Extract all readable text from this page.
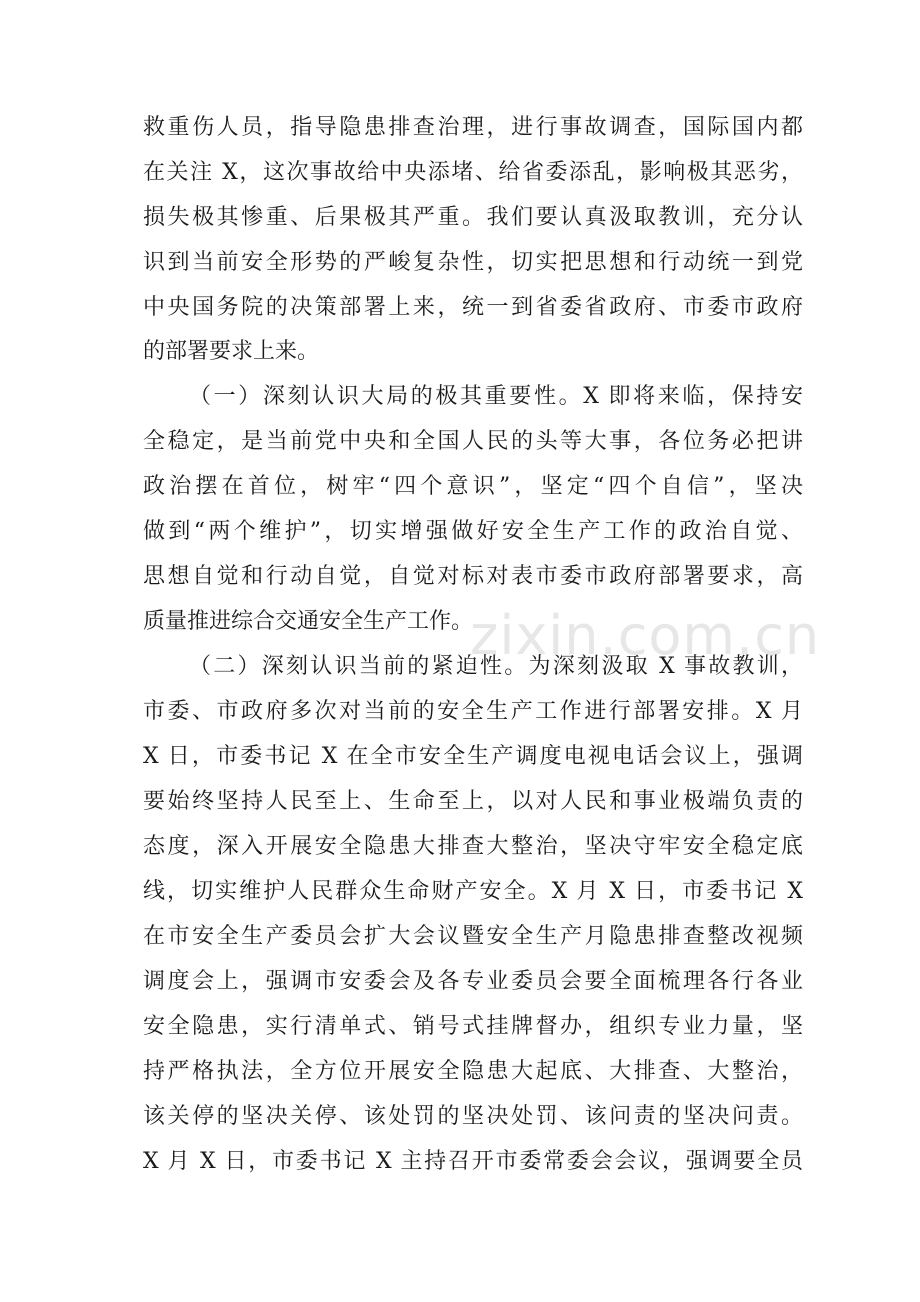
救重伤人员，指导隐患排查治理，进行事故调查，国际国内都
在关注 X，这次事故给中央添堵、给省委添乱，影响极其恶劣，
损失极其惨重、后果极其严重。我们要认真汲取教训，充分认
识到当前安全形势的严峻复杂性，切实把思想和行动统一到党
中央国务院的决策部署上来，统一到省委省政府、市委市政府
的部署要求上来。
（一）深刻认识大局的极其重要性。X 即将来临，保持安
全稳定，是当前党中央和全国人民的头等大事，各位务必把讲
政治摆在首位，树牢“四个意识”，坚定“四个自信”，坚决
做到“两个维护”，切实增强做好安全生产工作的政治自觉、
思想自觉和行动自觉，自觉对标对表市委市政府部署要求，高
质量推进综合交通安全生产工作。
（二）深刻认识当前的紧迫性。为深刻汲取 X 事故教训，
市委、市政府多次对当前的安全生产工作进行部署安排。X 月
X 日，市委书记 X 在全市安全生产调度电视电话会议上，强调
要始终坚持人民至上、生命至上，以对人民和事业极端负责的
态度，深入开展安全隐患大排查大整治，坚决守牢安全稳定底
线，切实维护人民群众生命财产安全。X 月 X 日，市委书记 X
在市安全生产委员会扩大会议暨安全生产月隐患排查整改视频
调度会上，强调市安委会及各专业委员会要全面梳理各行各业
安全隐患，实行清单式、销号式挂牌督办，组织专业力量，坚
持严格执法，全方位开展安全隐患大起底、大排查、大整治，
该关停的坚决关停、该处罚的坚决处罚、该问责的坚决问责。
X 月 X 日，市委书记 X 主持召开市委常委会会议，强调要全员
zixin.com.cn
